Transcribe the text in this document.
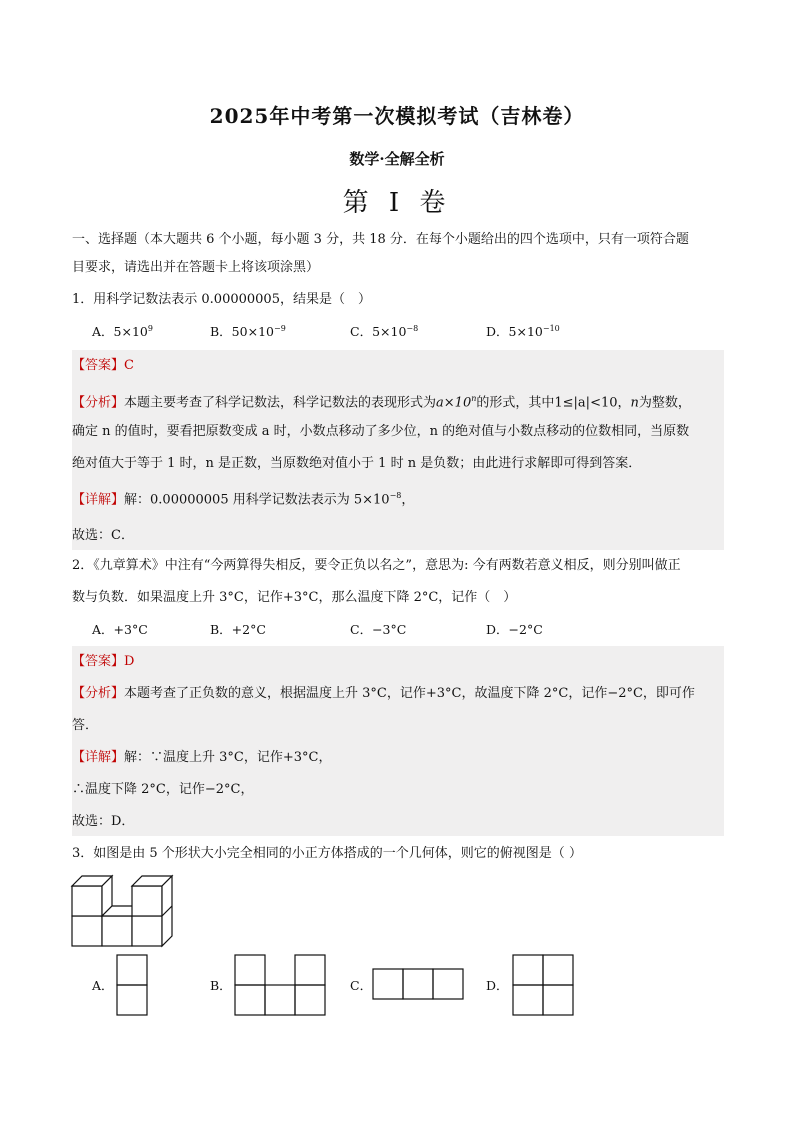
2025年中考第一次模拟考试（吉林卷）
数学·全解全析
第 I 卷
一、选择题（本大题共 6 个小题，每小题 3 分，共 18 分．在每个小题给出的四个选项中，只有一项符合题
目要求，请选出并在答题卡上将该项涂黑）
1．用科学记数法表示 0.00000005，结果是（　）
A．$5\times 10^9$	B．$50\times 10^{-9}$	C．$5\times 10^{-8}$	D．$5\times 10^{-10}$
【答案】C
【分析】本题主要考查了科学记数法，科学记数法的表现形式为$a\times 10^n$的形式，其中1≤|a|<10，n为整数，
确定 n 的值时，要看把原数变成 a 时，小数点移动了多少位，n 的绝对值与小数点移动的位数相同，当原数
绝对值大于等于 1 时，n 是正数，当原数绝对值小于 1 时 n 是负数；由此进行求解即可得到答案．
【详解】解：0.00000005 用科学记数法表示为 $5\times 10^{-8}$，
故选：C．
2．《九章算术》中注有“今两算得失相反，要令正负以名之”，意思为: 今有两数若意义相反，则分别叫做正
数与负数．如果温度上升 3°C，记作+3°C，那么温度下降 2°C，记作（　）
A．+3°C	B．+2°C	C．−3°C	D．−2°C
【答案】D
【分析】本题考查了正负数的意义，根据温度上升 3°C，记作+3°C，故温度下降 2°C，记作−2°C，即可作
答．
【详解】解：∵温度上升 3°C，记作+3°C，
∴温度下降 2°C，记作−2°C，
故选：D．
3．如图是由 5 个形状大小完全相同的小正方体搭成的一个几何体，则它的俯视图是（ ）
A．	B．	C．	D．
